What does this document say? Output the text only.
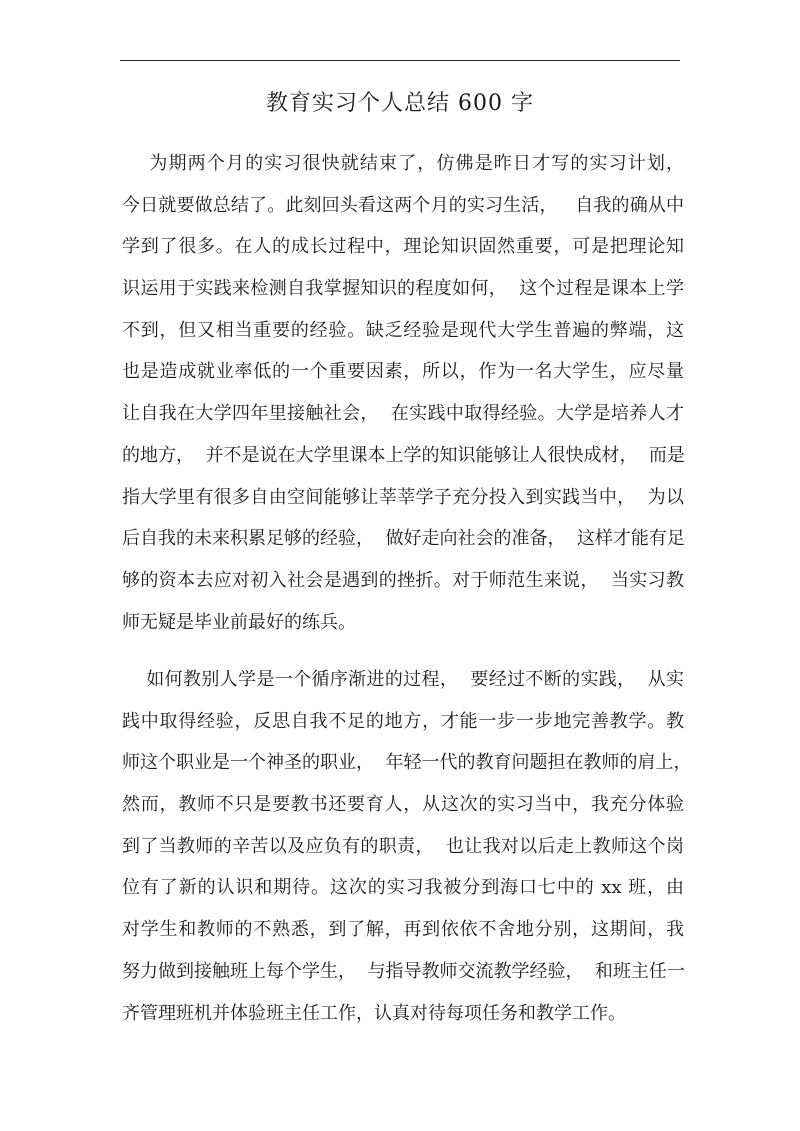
教育实习个人总结 600 字
为期两个月的实习很快就结束了，仿佛是昨日才写的实习计划，
今日就要做总结了。此刻回头看这两个月的实习生活，   自我的确从中
学到了很多。在人的成长过程中，理论知识固然重要，可是把理论知
识运用于实践来检测自我掌握知识的程度如何，  这个过程是课本上学
不到，但又相当重要的经验。缺乏经验是现代大学生普遍的弊端，这
也是造成就业率低的一个重要因素，所以，作为一名大学生，应尽量
让自我在大学四年里接触社会，  在实践中取得经验。大学是培养人才
的地方，  并不是说在大学里课本上学的知识能够让人很快成材，  而是
指大学里有很多自由空间能够让莘莘学子充分投入到实践当中，  为以
后自我的未来积累足够的经验，  做好走向社会的准备，  这样才能有足
够的资本去应对初入社会是遇到的挫折。对于师范生来说，  当实习教
师无疑是毕业前最好的练兵。
如何教别人学是一个循序渐进的过程，  要经过不断的实践，  从实
践中取得经验，反思自我不足的地方，才能一步一步地完善教学。教
师这个职业是一个神圣的职业，  年轻一代的教育问题担在教师的肩上，
然而，教师不只是要教书还要育人，从这次的实习当中，我充分体验
到了当教师的辛苦以及应负有的职责，  也让我对以后走上教师这个岗
位有了新的认识和期待。这次的实习我被分到海口七中的 xx 班，由
对学生和教师的不熟悉，到了解，再到依依不舍地分别，这期间，我
努力做到接触班上每个学生，  与指导教师交流教学经验，  和班主任一
齐管理班机并体验班主任工作，认真对待每项任务和教学工作。
